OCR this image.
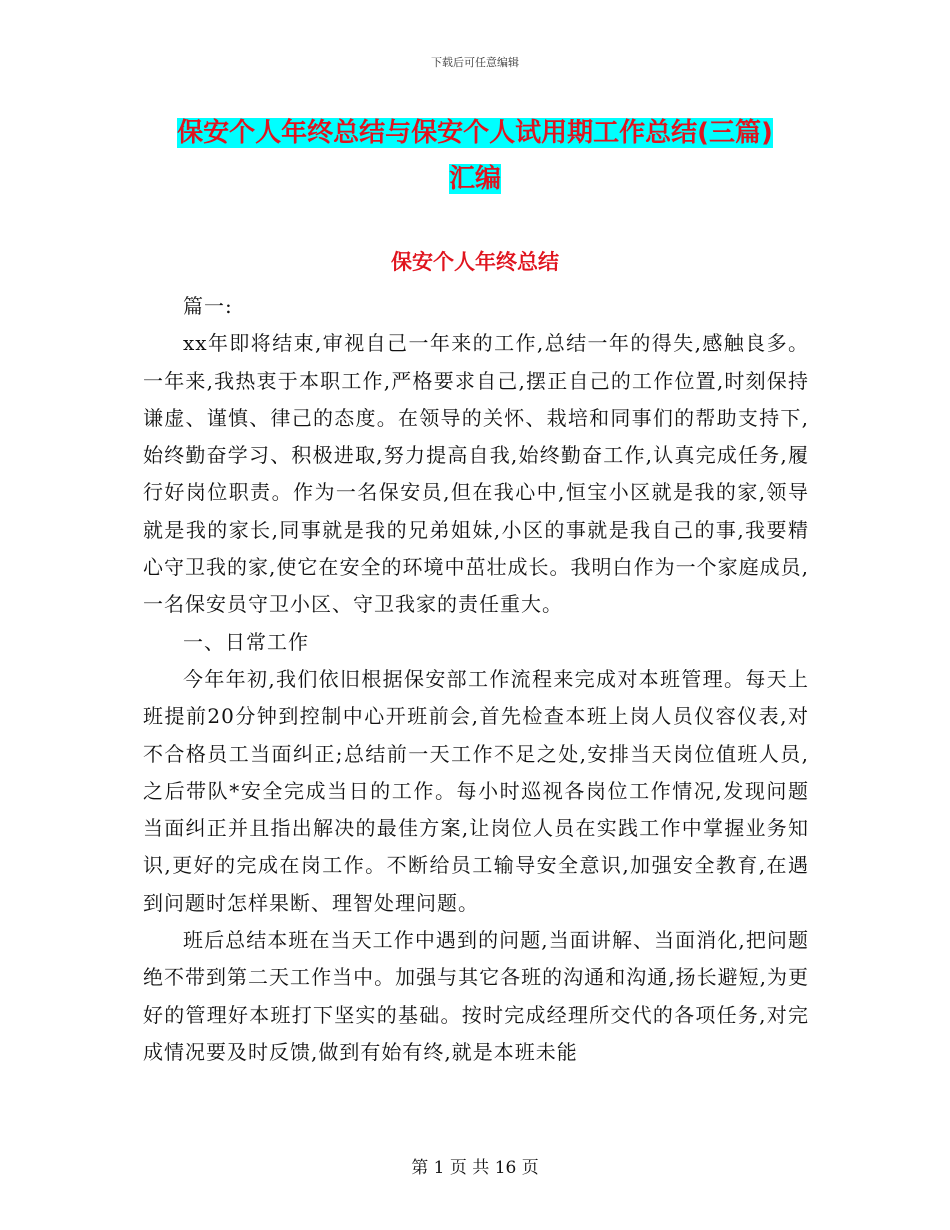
下载后可任意编辑
保安个人年终总结与保安个人试用期工作总结(三篇)
汇编
保安个人年终总结

篇一:

xx年即将结束,审视自己一年来的工作,总结一年的得失,感触良多。一年来,我热衷于本职工作,严格要求自己,摆正自己的工作位置,时刻保持谦虚、谨慎、律己的态度。在领导的关怀、栽培和同事们的帮助支持下,始终勤奋学习、积极进取,努力提高自我,始终勤奋工作,认真完成任务,履行好岗位职责。作为一名保安员,但在我心中,恒宝小区就是我的家,领导就是我的家长,同事就是我的兄弟姐妹,小区的事就是我自己的事,我要精心守卫我的家,使它在安全的环境中茁壮成长。我明白作为一个家庭成员,一名保安员守卫小区、守卫我家的责任重大。

一、日常工作

今年年初,我们依旧根据保安部工作流程来完成对本班管理。每天上班提前20分钟到控制中心开班前会,首先检查本班上岗人员仪容仪表,对不合格员工当面纠正;总结前一天工作不足之处,安排当天岗位值班人员,之后带队*安全完成当日的工作。每小时巡视各岗位工作情况,发现问题当面纠正并且指出解决的最佳方案,让岗位人员在实践工作中掌握业务知识,更好的完成在岗工作。不断给员工输导安全意识,加强安全教育,在遇到问题时怎样果断、理智处理问题。

班后总结本班在当天工作中遇到的问题,当面讲解、当面消化,把问题绝不带到第二天工作当中。加强与其它各班的沟通和沟通,扬长避短,为更好的管理好本班打下坚实的基础。按时完成经理所交代的各项任务,对完成情况要及时反馈,做到有始有终,就是本班未能

第 1 页 共 16 页
